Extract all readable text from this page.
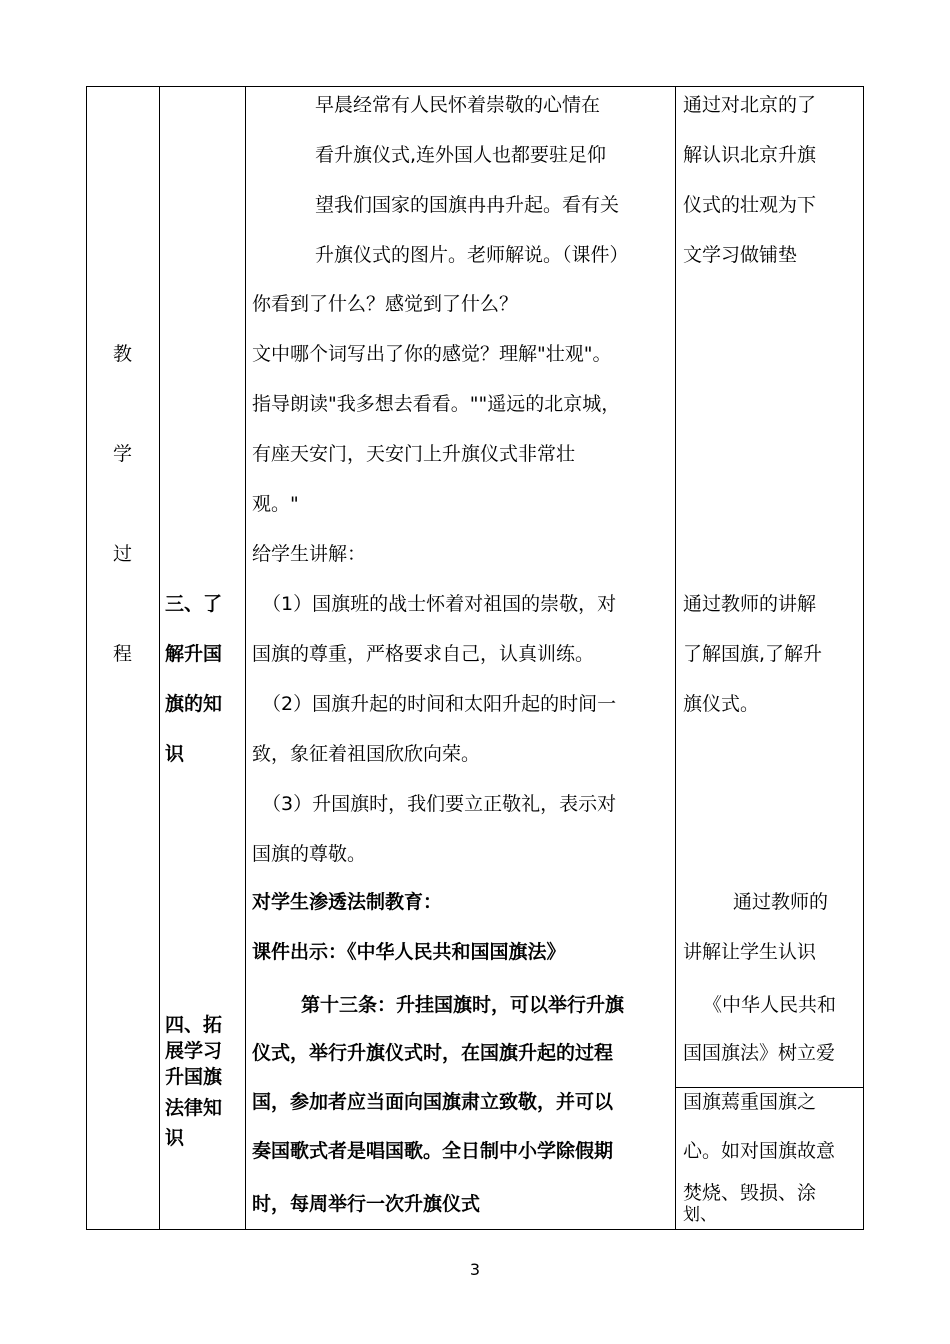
教
学
过
程
三、了
解升国
旗的知
识
四、拓
展学习
升国旗
法律知
识
早晨经常有人民怀着崇敬的心情在
看升旗仪式,连外国人也都要驻足仰
望我们国家的国旗冉冉升起。看有关
升旗仪式的图片。老师解说。（课件）
你看到了什么？感觉到了什么？
文中哪个词写出了你的感觉？理解"壮观"。
指导朗读"我多想去看看。""遥远的北京城，
有座天安门，天安门上升旗仪式非常壮
观。"
给学生讲解：
（1）国旗班的战士怀着对祖国的崇敬，对
国旗的尊重，严格要求自己，认真训练。
（2）国旗升起的时间和太阳升起的时间一
致，象征着祖国欣欣向荣。
（3）升国旗时，我们要立正敬礼，表示对
国旗的尊敬。
对学生渗透法制教育：
课件出示：《中华人民共和国国旗法》
第十三条：升挂国旗时，可以举行升旗
仪式，举行升旗仪式时，在国旗升起的过程
国，参加者应当面向国旗肃立致敬，并可以
奏国歌式者是唱国歌。全日制中小学除假期
时，每周举行一次升旗仪式
通过对北京的了
解认识北京升旗
仪式的壮观为下
文学习做铺垫
通过教师的讲解
了解国旗,了解升
旗仪式。
通过教师的
讲解让学生认识
《中华人民共和
国国旗法》树立爱
国旗蔫重国旗之
心。如对国旗故意
焚烧、毁损、涂
划、
3
